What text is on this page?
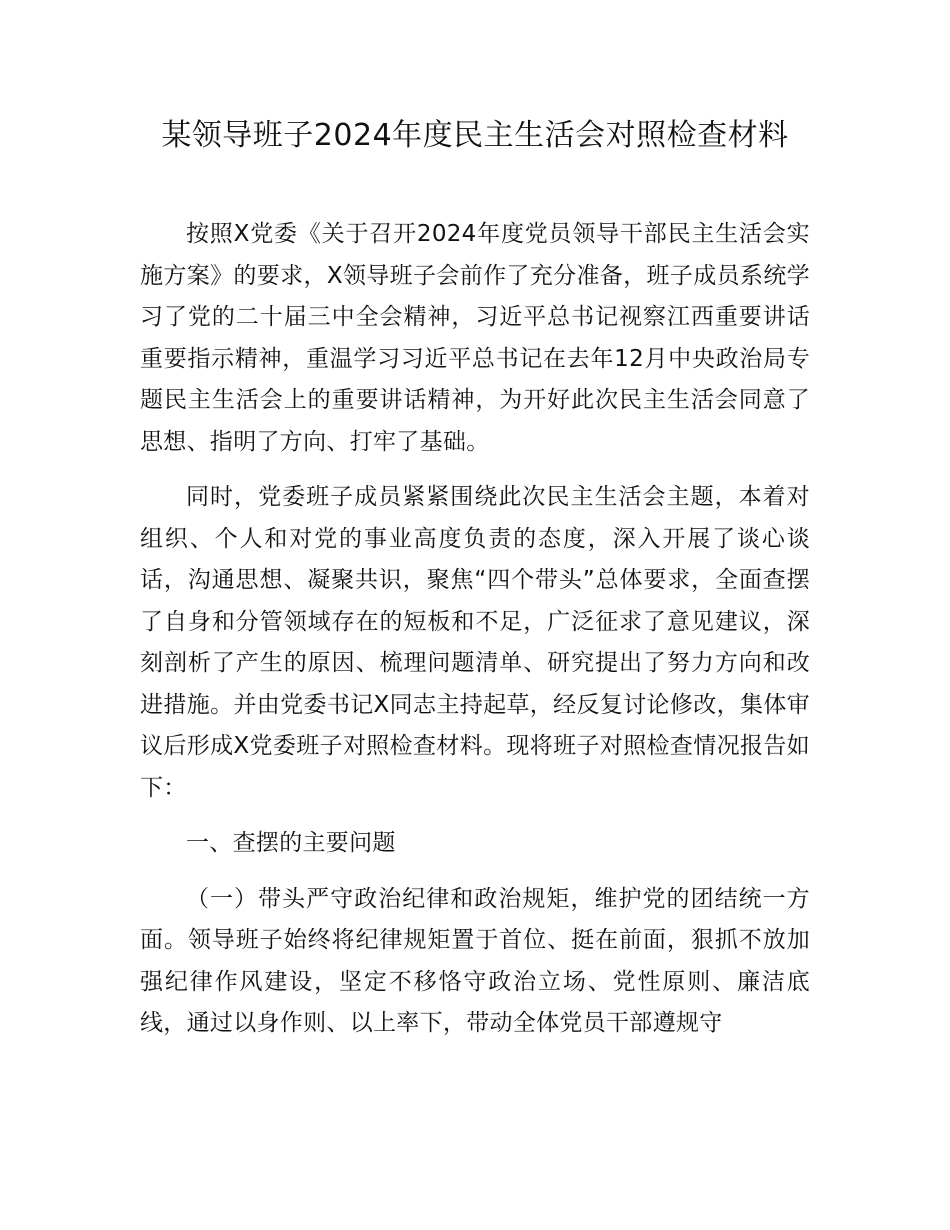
某领导班子2024年度民主生活会对照检查材料

按照X党委《关于召开2024年度党员领导干部民主生活会实施方案》的要求，X领导班子会前作了充分准备，班子成员系统学习了党的二十届三中全会精神，习近平总书记视察江西重要讲话重要指示精神，重温学习习近平总书记在去年12月中央政治局专题民主生活会上的重要讲话精神，为开好此次民主生活会同意了思想、指明了方向、打牢了基础。

同时，党委班子成员紧紧围绕此次民主生活会主题，本着对组织、个人和对党的事业高度负责的态度，深入开展了谈心谈话，沟通思想、凝聚共识，聚焦“四个带头”总体要求，全面查摆了自身和分管领域存在的短板和不足，广泛征求了意见建议，深刻剖析了产生的原因、梳理问题清单、研究提出了努力方向和改进措施。并由党委书记X同志主持起草，经反复讨论修改，集体审议后形成X党委班子对照检查材料。现将班子对照检查情况报告如下：

一、查摆的主要问题

（一）带头严守政治纪律和政治规矩，维护党的团结统一方面。领导班子始终将纪律规矩置于首位、挺在前面，狠抓不放加强纪律作风建设，坚定不移恪守政治立场、党性原则、廉洁底线，通过以身作则、以上率下，带动全体党员干部遵规守
